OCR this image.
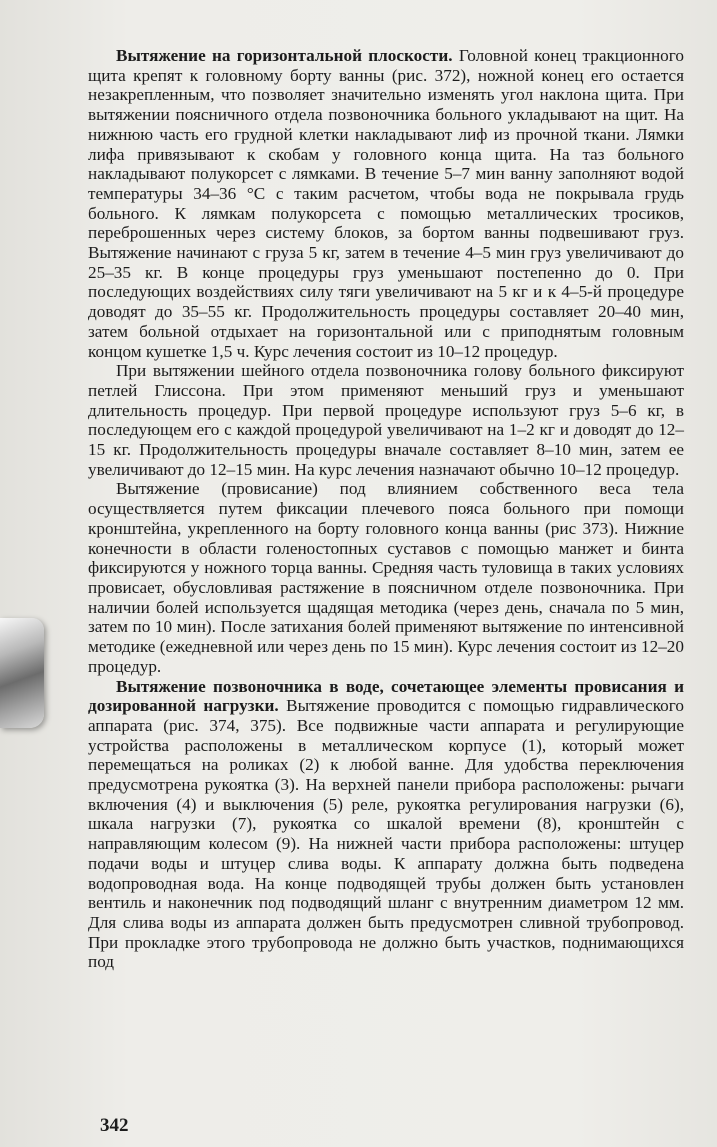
Вытяжение на горизонтальной плоскости. Головной конец тракционного щита крепят к головному борту ванны (рис. 372), ножной конец его остается незакрепленным, что позволяет значительно изменять угол наклона щита. При вытяжении поясничного отдела позвоночника больного укладывают на щит. На нижнюю часть его грудной клетки накладывают лиф из прочной ткани. Лямки лифа привязывают к скобам у головного конца щита. На таз больного накладывают полукорсет с лямками. В течение 5–7 мин ванну заполняют водой температуры 34–36 °C с таким расчетом, чтобы вода не покрывала грудь больного. К лямкам полукорсета с помощью металлических тросиков, переброшенных через систему блоков, за бортом ванны подвешивают груз. Вытяжение начинают с груза 5 кг, затем в течение 4–5 мин груз увеличивают до 25–35 кг. В конце процедуры груз уменьшают постепенно до 0. При последующих воздействиях силу тяги увеличивают на 5 кг и к 4–5-й процедуре доводят до 35–55 кг. Продолжительность процедуры составляет 20–40 мин, затем больной отдыхает на горизонтальной или с приподнятым головным концом кушетке 1,5 ч. Курс лечения состоит из 10–12 процедур.

При вытяжении шейного отдела позвоночника голову больного фиксируют петлей Глиссона. При этом применяют меньший груз и уменьшают длительность процедур. При первой процедуре используют груз 5–6 кг, в последующем его с каждой процедурой увеличивают на 1–2 кг и доводят до 12–15 кг. Продолжительность процедуры вначале составляет 8–10 мин, затем ее увеличивают до 12–15 мин. На курс лечения назначают обычно 10–12 процедур.

Вытяжение (провисание) под влиянием собственного веса тела осуществляется путем фиксации плечевого пояса больного при помощи кронштейна, укрепленного на борту головного конца ванны (рис 373). Нижние конечности в области голеностопных суставов с помощью манжет и бинта фиксируются у ножного торца ванны. Средняя часть туловища в таких условиях провисает, обусловливая растяжение в поясничном отделе позвоночника. При наличии болей используется щадящая методика (через день, сначала по 5 мин, затем по 10 мин). После затихания болей применяют вытяжение по интенсивной методике (ежедневной или через день по 15 мин). Курс лечения состоит из 12–20 процедур.

Вытяжение позвоночника в воде, сочетающее элементы провисания и дозированной нагрузки. Вытяжение проводится с помощью гидравлического аппарата (рис. 374, 375). Все подвижные части аппарата и регулирующие устройства расположены в металлическом корпусе (1), который может перемещаться на роликах (2) к любой ванне. Для удобства переключения предусмотрена рукоятка (3). На верхней панели прибора расположены: рычаги включения (4) и выключения (5) реле, рукоятка регулирования нагрузки (6), шкала нагрузки (7), рукоятка со шкалой времени (8), кронштейн с направляющим колесом (9). На нижней части прибора расположены: штуцер подачи воды и штуцер слива воды. К аппарату должна быть подведена водопроводная вода. На конце подводящей трубы должен быть установлен вентиль и наконечник под подводящий шланг с внутренним диаметром 12 мм. Для слива воды из аппарата должен быть предусмотрен сливной трубопровод. При прокладке этого трубопровода не должно быть участков, поднимающихся под

342
